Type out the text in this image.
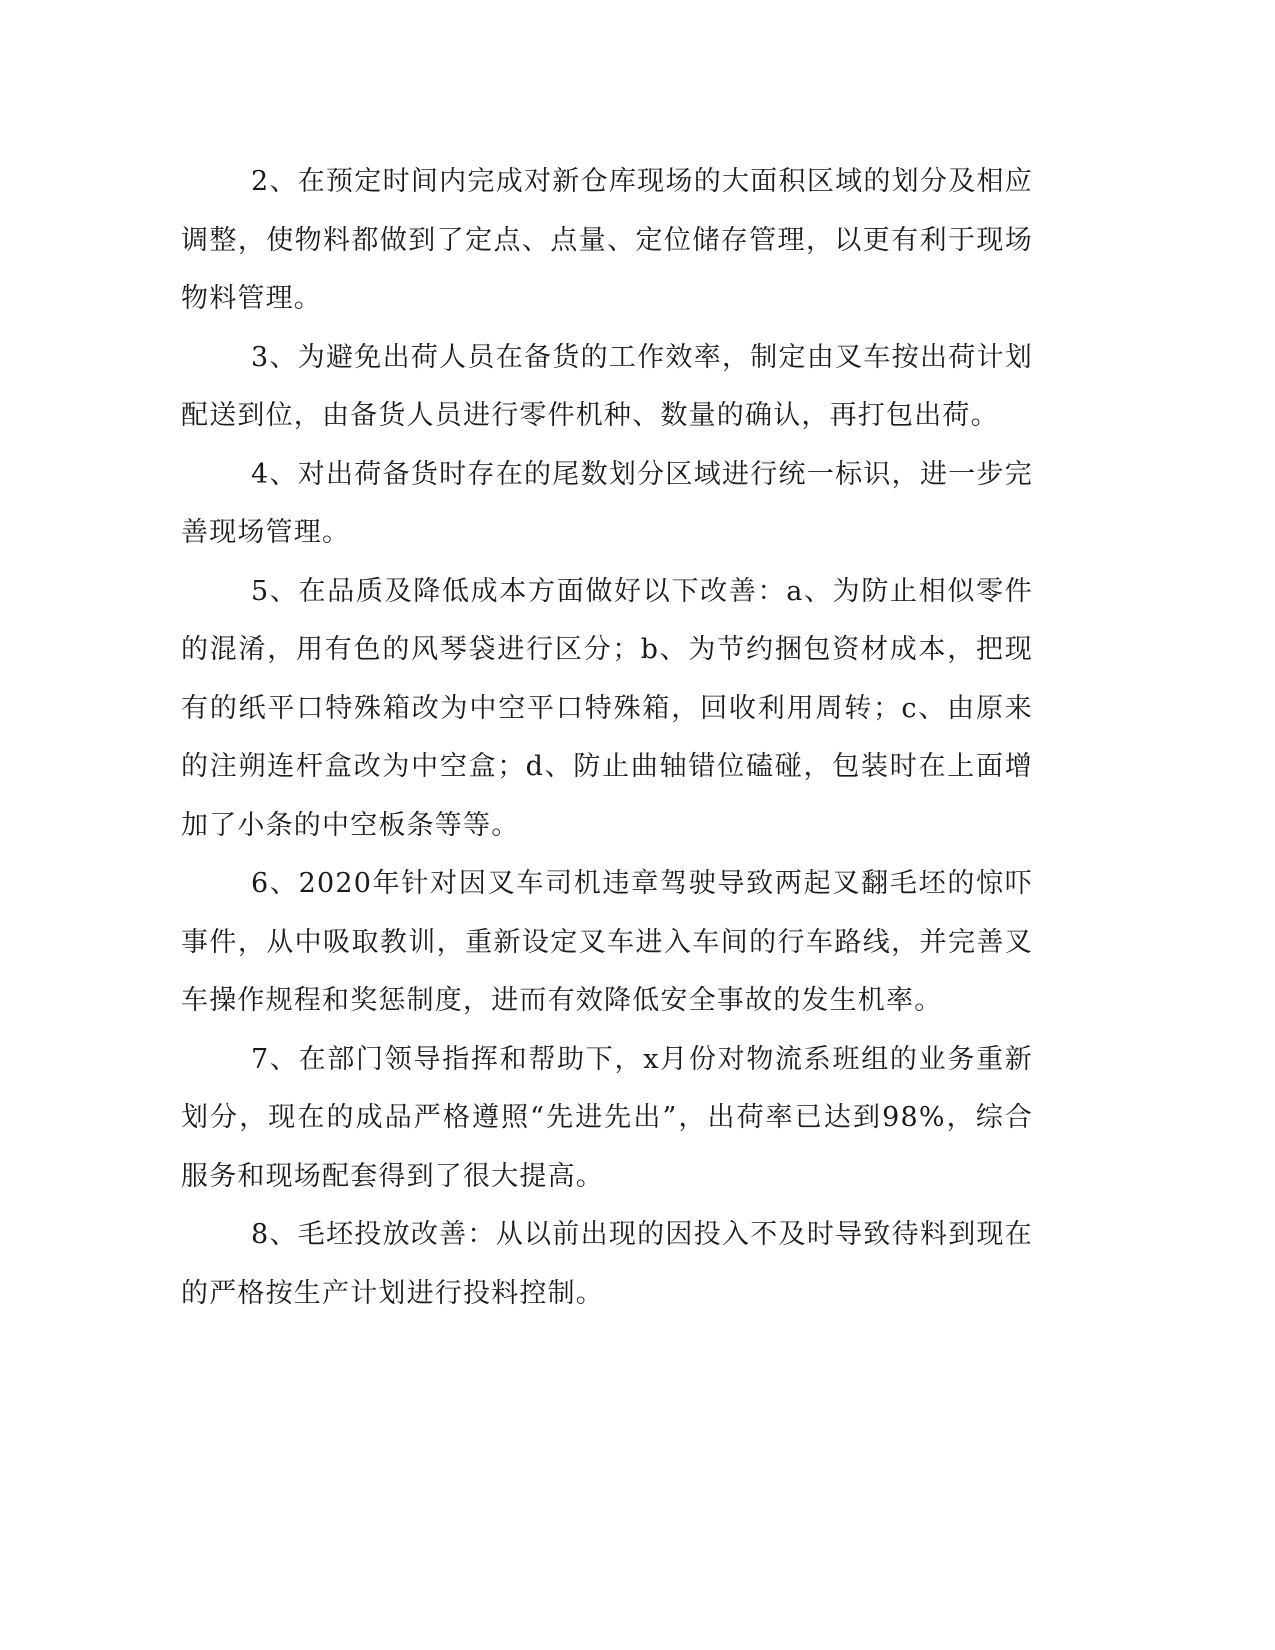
2、在预定时间内完成对新仓库现场的大面积区域的划分及相应调整，使物料都做到了定点、点量、定位储存管理，以更有利于现场物料管理。

3、为避免出荷人员在备货的工作效率，制定由叉车按出荷计划配送到位，由备货人员进行零件机种、数量的确认，再打包出荷。

4、对出荷备货时存在的尾数划分区域进行统一标识，进一步完善现场管理。

5、在品质及降低成本方面做好以下改善：a、为防止相似零件的混淆，用有色的风琴袋进行区分；b、为节约捆包资材成本，把现有的纸平口特殊箱改为中空平口特殊箱，回收利用周转；c、由原来的注朔连杆盒改为中空盒；d、防止曲轴错位磕碰，包装时在上面增加了小条的中空板条等等。

6、2020年针对因叉车司机违章驾驶导致两起叉翻毛坯的惊吓事件，从中吸取教训，重新设定叉车进入车间的行车路线，并完善叉车操作规程和奖惩制度，进而有效降低安全事故的发生机率。

7、在部门领导指挥和帮助下，x月份对物流系班组的业务重新划分，现在的成品严格遵照“先进先出”，出荷率已达到98%，综合服务和现场配套得到了很大提高。

8、毛坯投放改善：从以前出现的因投入不及时导致待料到现在的严格按生产计划进行投料控制。
